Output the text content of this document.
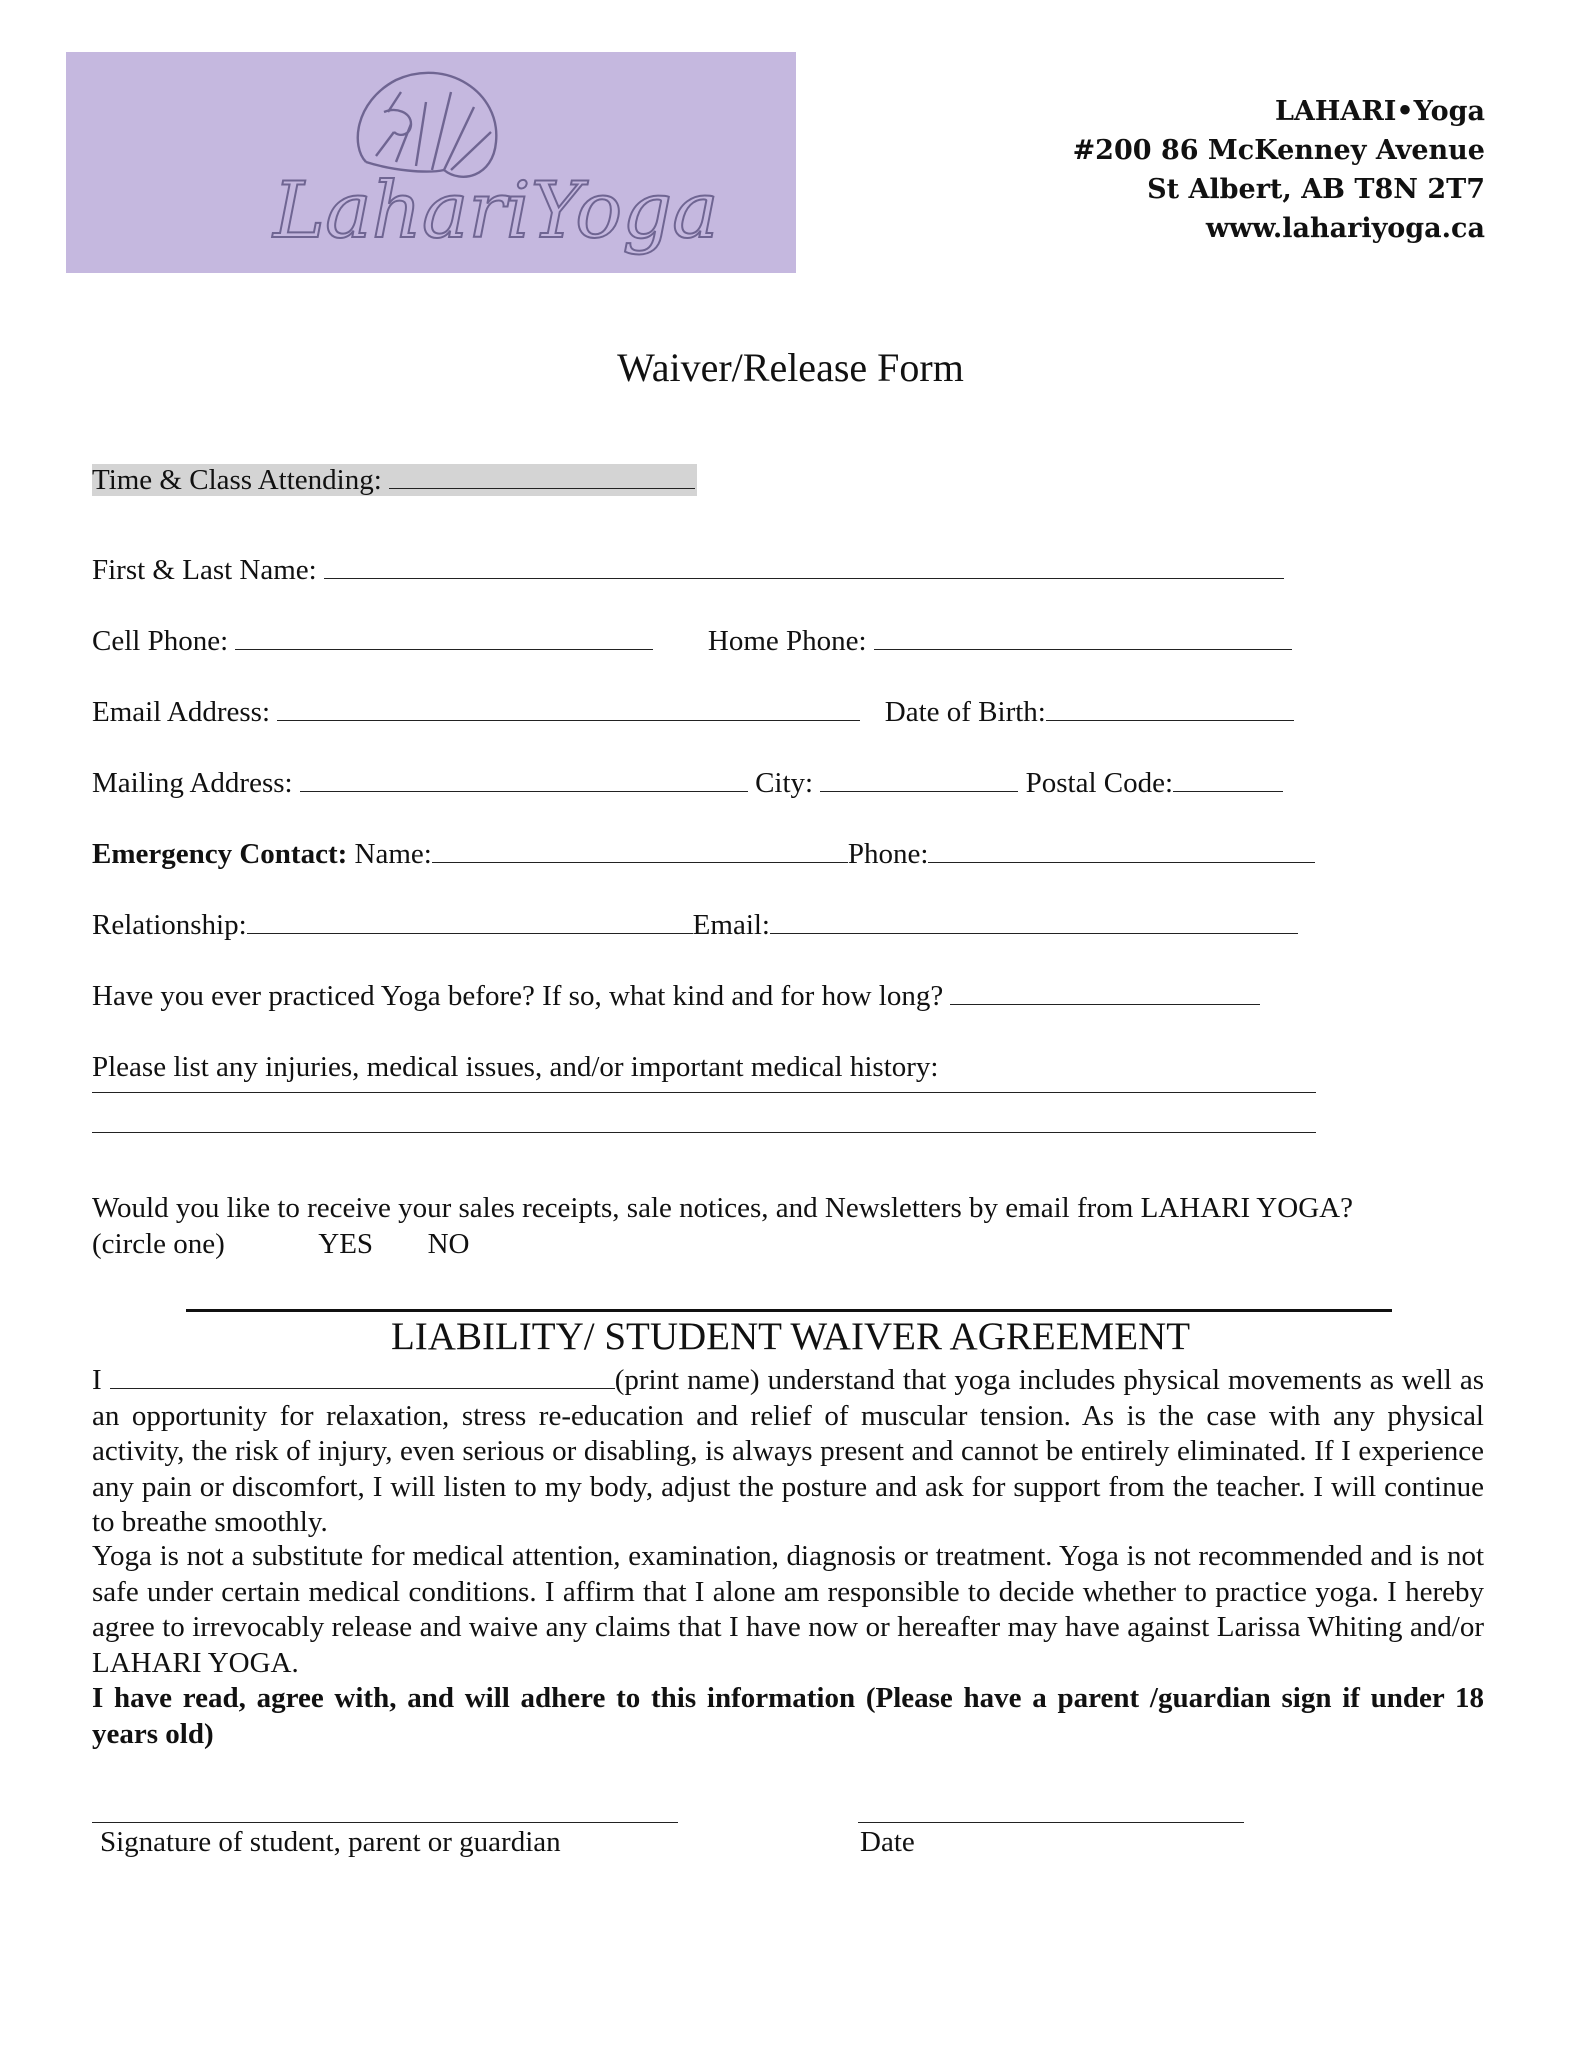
LahariYoga
LAHARI•Yoga
#200 86 McKenney Avenue
St Albert, AB T8N 2T7
www.lahariyoga.ca
Waiver/Release Form
Time & Class Attending:
First & Last Name:
Cell Phone:	Home Phone:
Email Address:	Date of Birth:
Mailing Address:	City:	Postal Code:
Emergency Contact: Name:	Phone:
Relationship:	Email:
Have you ever practiced Yoga before? If so, what kind and for how long?
Please list any injuries, medical issues, and/or important medical history:
Would you like to receive your sales receipts, sale notices, and Newsletters by email from LAHARI YOGA?
(circle one)	YES NO
LIABILITY/ STUDENT WAIVER AGREEMENT
I	(print name) understand that yoga includes physical movements as well as an opportunity for relaxation, stress re-education and relief of muscular tension. As is the case with any physical activity, the risk of injury, even serious or disabling, is always present and cannot be entirely eliminated. If I experience any pain or discomfort, I will listen to my body, adjust the posture and ask for support from the teacher. I will continue to breathe smoothly.
Yoga is not a substitute for medical attention, examination, diagnosis or treatment. Yoga is not recommended and is not safe under certain medical conditions. I affirm that I alone am responsible to decide whether to practice yoga. I hereby agree to irrevocably release and waive any claims that I have now or hereafter may have against Larissa Whiting and/or LAHARI YOGA.
I have read, agree with, and will adhere to this information (Please have a parent /guardian sign if under 18 years old)
Signature of student, parent or guardian	Date
